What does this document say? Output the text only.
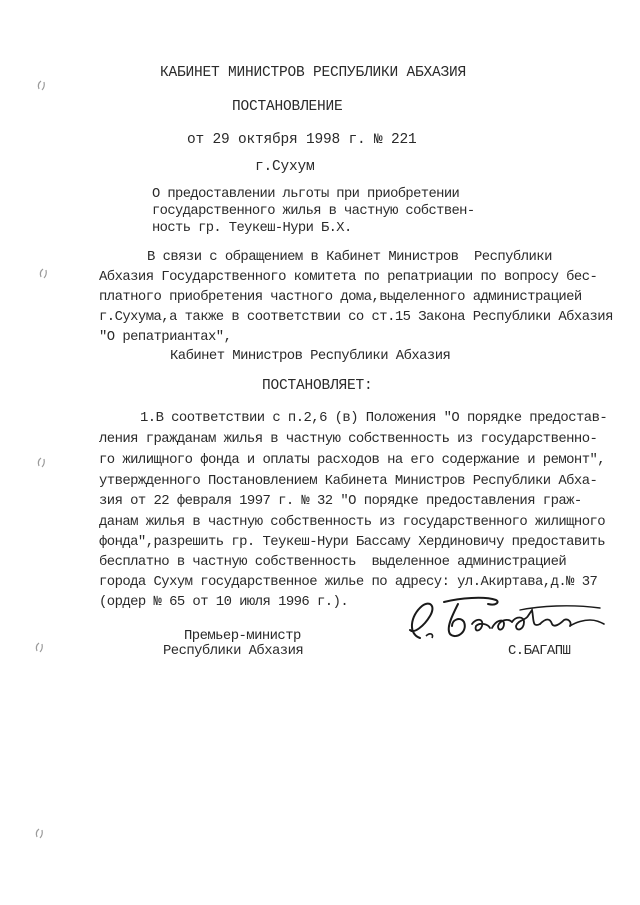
КАБИНЕТ МИНИСТРОВ РЕСПУБЛИКИ АБХАЗИЯ
ПОСТАНОВЛЕНИЕ
от 29 октября 1998 г. № 221
г.Сухум
О предоставлении льготы при приобретении
государственного жилья в частную собствен-
ность гр. Теукеш-Нури Б.Х.
В связи с обращением в Кабинет Министров  Республики
Абхазия Государственного комитета по репатриации по вопросу бес-
платного приобретения частного дома,выделенного администрацией
г.Сухума,а также в соответствии со ст.15 Закона Республики Абхазия
"О репатриантах",
Кабинет Министров Республики Абхазия
ПОСТАНОВЛЯЕТ:
1.В соответствии с п.2,6 (в) Положения "О порядке предостав-
ления гражданам жилья в частную собственность из государственно-
го жилищного фонда и оплаты расходов на его содержание и ремонт",
утвержденного Постановлением Кабинета Министров Республики Абха-
зия от 22 февраля 1997 г. № 32 "О порядке предоставления граж-
данам жилья в частную собственность из государственного жилищного
фонда",разрешить гр. Теукеш-Нури Бассаму Хердиновичу предоставить
бесплатно в частную собственность  выделенное администрацией
города Сухум государственное жилье по адресу: ул.Акиртава,д.№ 37
(ордер № 65 от 10 июля 1996 г.).
Премьер-министр
Республики Абхазия	С.БАГАПШ
